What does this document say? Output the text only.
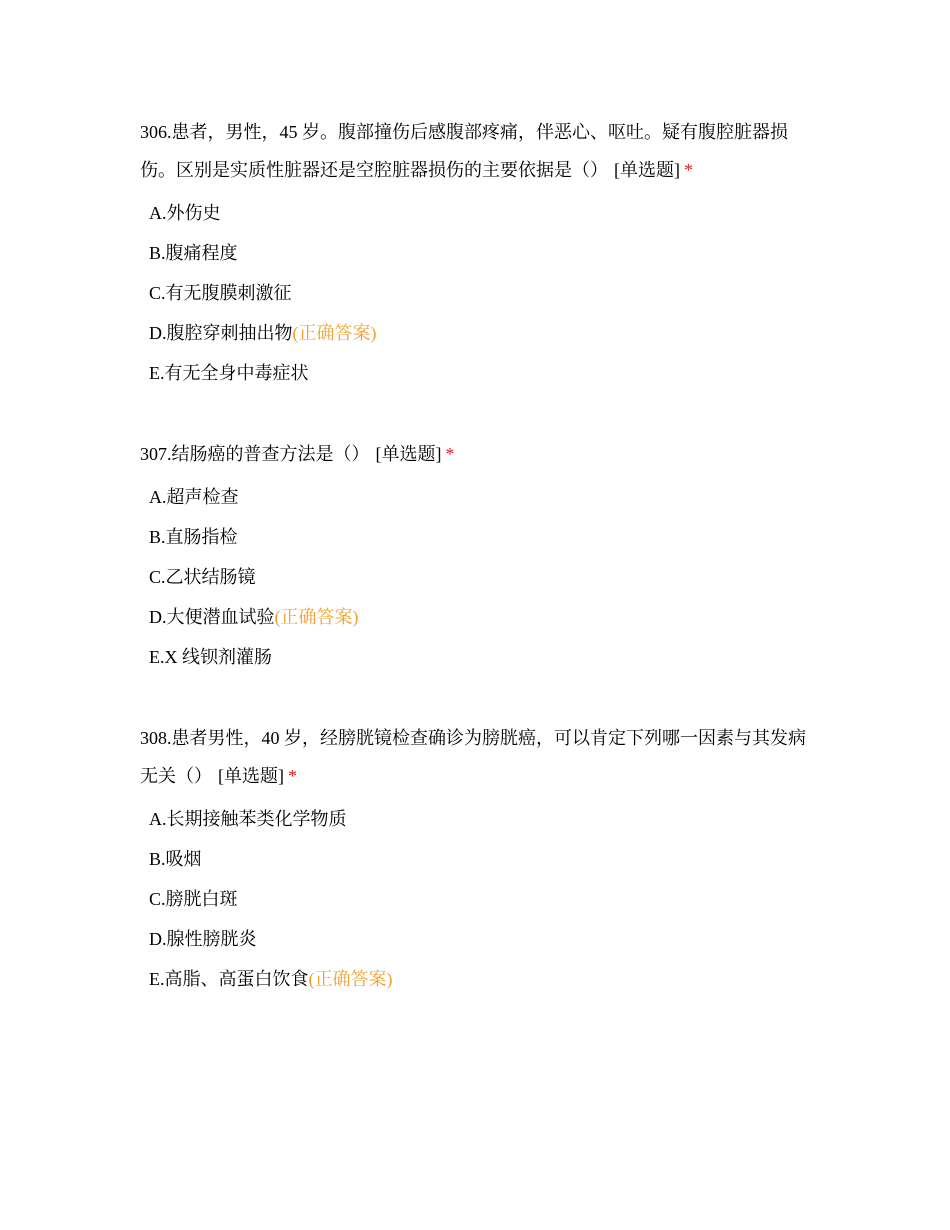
306.患者，男性，45 岁。腹部撞伤后感腹部疼痛，伴恶心、呕吐。疑有腹腔脏器损伤。区别是实质性脏器还是空腔脏器损伤的主要依据是（） [单选题] *

A.外伤史
B.腹痛程度
C.有无腹膜刺激征
D.腹腔穿刺抽出物(正确答案)
E.有无全身中毒症状

307.结肠癌的普查方法是（） [单选题] *

A.超声检查
B.直肠指检
C.乙状结肠镜
D.大便潜血试验(正确答案)
E.X 线钡剂灌肠

308.患者男性，40 岁，经膀胱镜检查确诊为膀胱癌，可以肯定下列哪一因素与其发病无关（） [单选题] *

A.长期接触苯类化学物质
B.吸烟
C.膀胱白斑
D.腺性膀胱炎
E.高脂、高蛋白饮食(正确答案)
